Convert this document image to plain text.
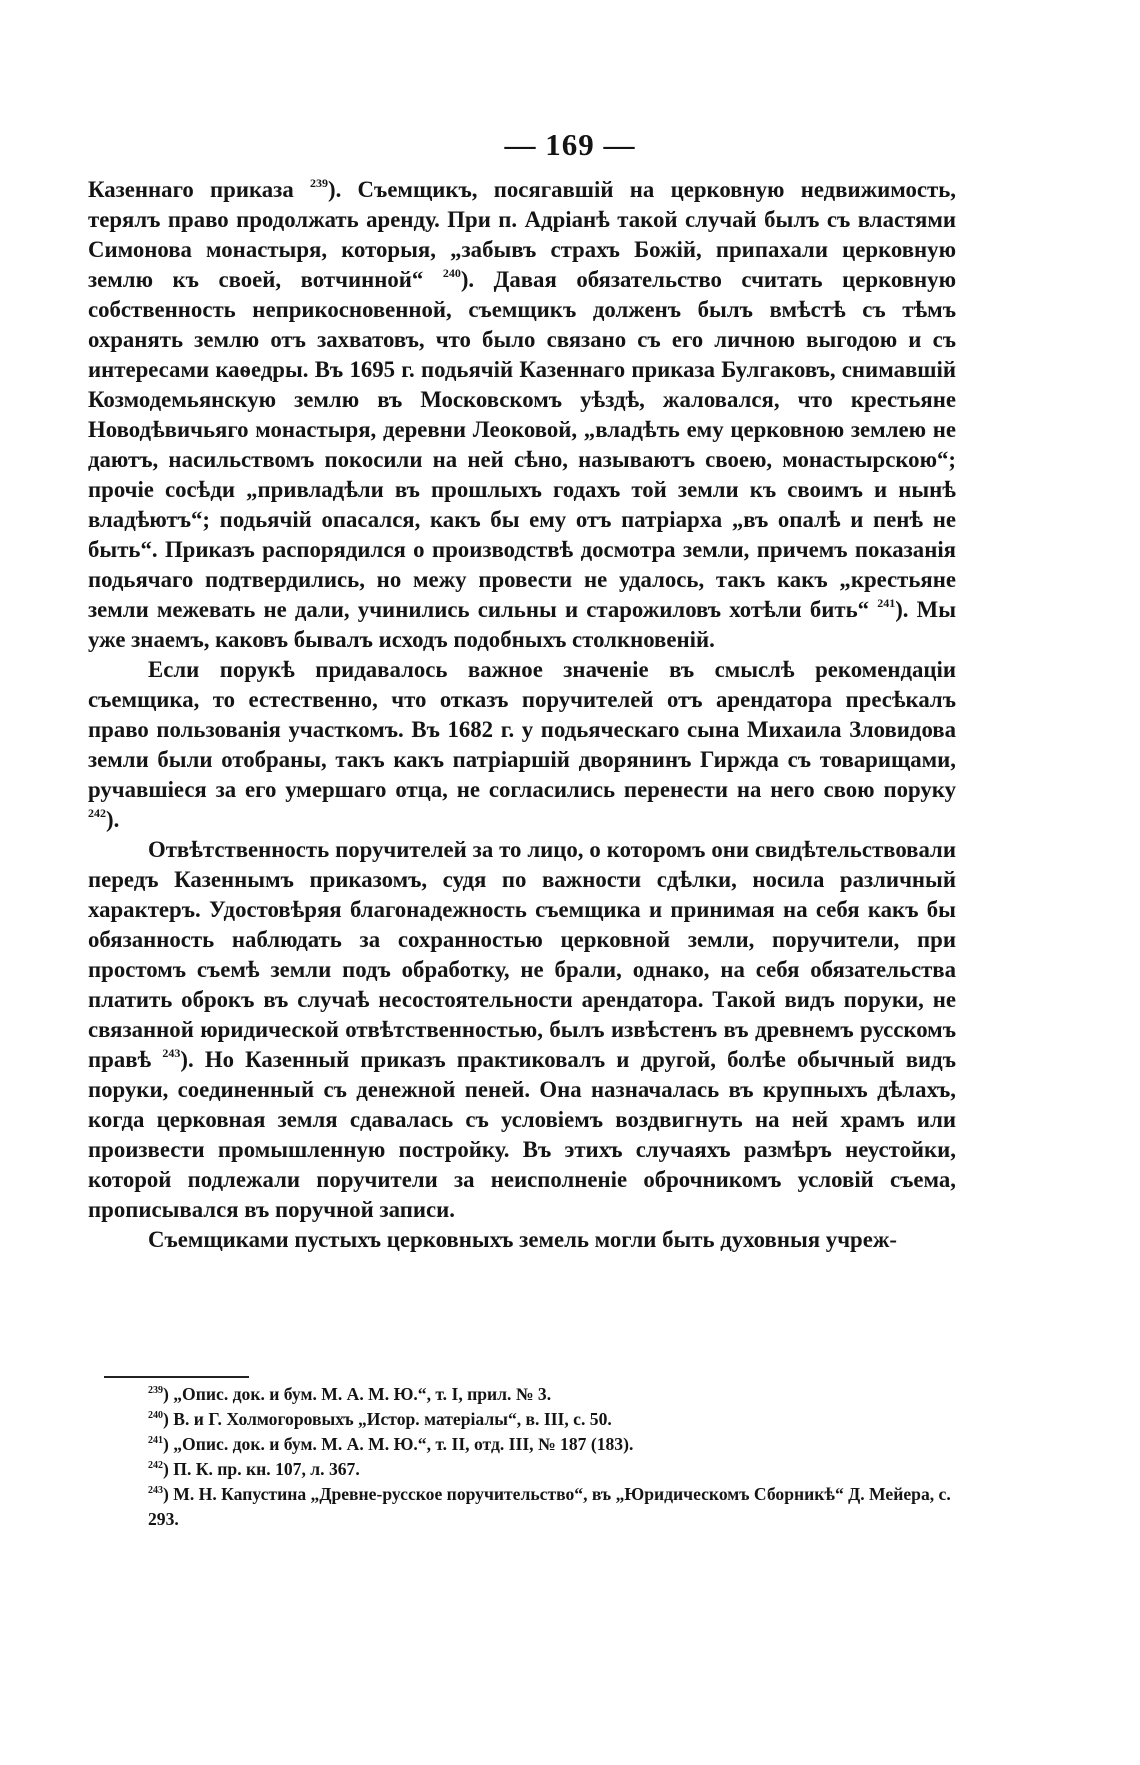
— 169 —

Казеннаго приказа $^{239}$). Съемщикъ, посягавшій на церковную недвижимость, терялъ право продолжать аренду. При п. Адріанѣ такой случай былъ съ властями Симонова монастыря, которыя, „забывъ страхъ Божій, припахали церковную землю къ своей, вотчинной“ $^{240}$). Давая обязательство считать церковную собственность неприкосновенной, съемщикъ долженъ былъ вмѣстѣ съ тѣмъ охранять землю отъ захватовъ, что было связано съ его личною выгодою и съ интересами каѳедры. Въ 1695 г. подьячій Казеннаго приказа Булгаковъ, снимавшій Козмодемьянскую землю въ Московскомъ уѣздѣ, жаловался, что крестьяне Новодѣвичьяго монастыря, деревни Леоковой, „владѣть ему церковною землею не даютъ, насильствомъ покосили на ней сѣно, называютъ своею, монастырскою“; прочіе сосѣди „привладѣли въ прошлыхъ годахъ той земли къ своимъ и нынѣ владѣютъ“; подьячій опасался, какъ бы ему отъ патріарха „въ опалѣ и пенѣ не быть“. Приказъ распорядился о производствѣ досмотра земли, причемъ показанія подьячаго подтвердились, но межу провести не удалось, такъ какъ „крестьяне земли межевать не дали, учинились сильны и старожиловъ хотѣли бить“ $^{241}$). Мы уже знаемъ, каковъ бывалъ исходъ подобныхъ столкновеній.

Если порукѣ придавалось важное значеніе въ смыслѣ рекомендаціи съемщика, то естественно, что отказъ поручителей отъ арендатора пресѣкалъ право пользованія участкомъ. Въ 1682 г. у подьяческаго сына Михаила Зловидова земли были отобраны, такъ какъ патріаршій дворянинъ Гиржда съ товарищами, ручавшіеся за его умершаго отца, не согласились перенести на него свою поруку $^{242}$).

Отвѣтственность поручителей за то лицо, о которомъ они свидѣтельствовали передъ Казеннымъ приказомъ, судя по важности сдѣлки, носила различный характеръ. Удостовѣряя благонадежность съемщика и принимая на себя какъ бы обязанность наблюдать за сохранностью церковной земли, поручители, при простомъ съемѣ земли подъ обработку, не брали, однако, на себя обязательства платить оброкъ въ случаѣ несостоятельности арендатора. Такой видъ поруки, не связанной юридической отвѣтственностью, былъ извѣстенъ въ древнемъ русскомъ правѣ $^{243}$). Но Казенный приказъ практиковалъ и другой, болѣе обычный видъ поруки, соединенный съ денежной пеней. Она назначалась въ крупныхъ дѣлахъ, когда церковная земля сдавалась съ условіемъ воздвигнуть на ней храмъ или произвести промышленную постройку. Въ этихъ случаяхъ размѣръ неустойки, которой подлежали поручители за неисполненіе оброчникомъ условій съема, прописывался въ поручной записи.

Съемщиками пустыхъ церковныхъ земель могли быть духовныя учреж-

$^{239}$) „Опис. док. и бум. М. А. М. Ю.“, т. I, прил. № 3.

$^{240}$) В. и Г. Холмогоровыхъ „Истор. матеріалы“, в. III, с. 50.

$^{241}$) „Опис. док. и бум. М. А. М. Ю.“, т. II, отд. III, № 187 (183).

$^{242}$) П. К. пр. кн. 107, л. 367.

$^{243}$) М. Н. Капустина „Древне-русское поручительство“, въ „Юридическомъ Сборникѣ“ Д. Мейера, с. 293.
